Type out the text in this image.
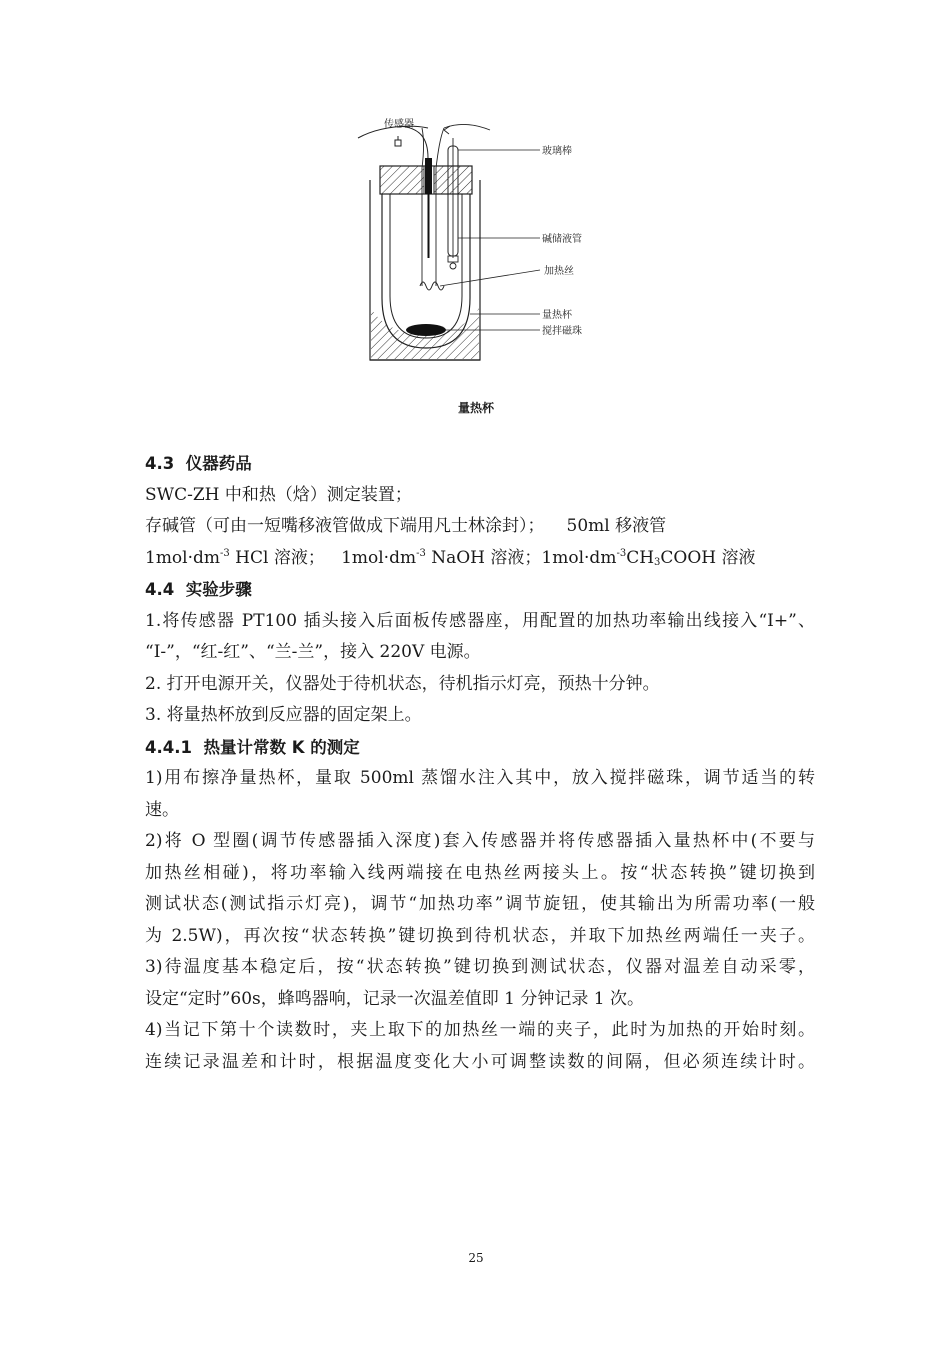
传感器
玻璃棒
碱储液管
加热丝
量热杯
搅拌磁珠
量热杯
4.3 仪器药品
SWC-ZH 中和热（焓）测定装置；
存碱管（可由一短嘴移液管做成下端用凡士林涂封）； 50ml 移液管
$1mol\cdot dm^{-3}$ HCl 溶液； $1mol\cdot dm^{-3}$ NaOH 溶液；$1mol\cdot dm^{-3}CH_3COOH$ 溶液
4.4 实验步骤
1.将传感器 PT100 插头接入后面板传感器座，用配置的加热功率输出线接入“I+”、
“I-”，“红-红”、“兰-兰”，接入 220V 电源。
2. 打开电源开关，仪器处于待机状态，待机指示灯亮，预热十分钟。
3. 将量热杯放到反应器的固定架上。
4.4.1 热量计常数 K 的测定
1)用布擦净量热杯，量取 500ml 蒸馏水注入其中，放入搅拌磁珠，调节适当的转
速。
2)将 O 型圈(调节传感器插入深度)套入传感器并将传感器插入量热杯中(不要与
加热丝相碰)，将功率输入线两端接在电热丝两接头上。按“状态转换”键切换到
测试状态(测试指示灯亮)，调节“加热功率”调节旋钮，使其输出为所需功率(一般
为 2.5W)，再次按“状态转换”键切换到待机状态，并取下加热丝两端任一夹子。
3)待温度基本稳定后，按“状态转换”键切换到测试状态，仪器对温差自动采零，
设定“定时”60s，蜂鸣器响，记录一次温差值即 1 分钟记录 1 次。
4)当记下第十个读数时，夹上取下的加热丝一端的夹子，此时为加热的开始时刻。
连续记录温差和计时，根据温度变化大小可调整读数的间隔，但必须连续计时。
25
